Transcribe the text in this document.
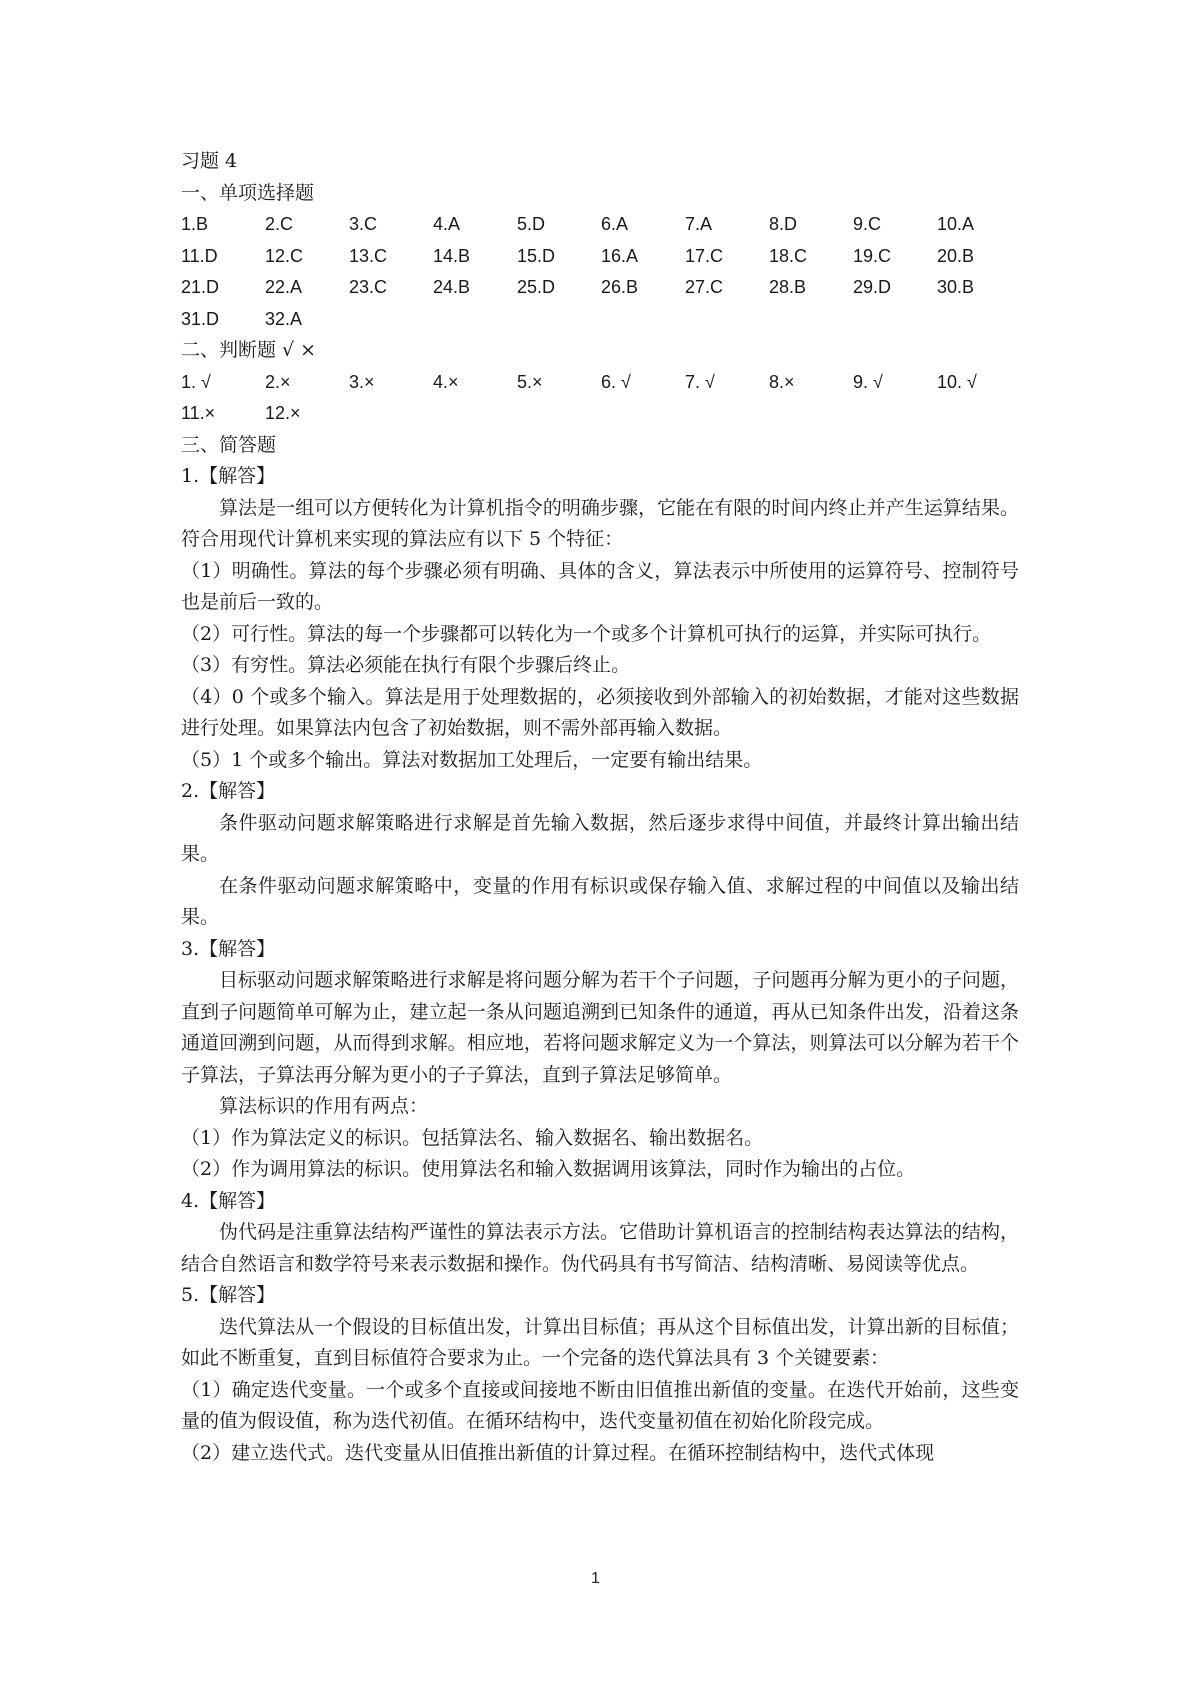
习题 4
一、单项选择题
1.B	2.C	3.C	4.A	5.D	6.A	7.A	8.D	9.C	10.A
11.D	12.C	13.C	14.B	15.D	16.A	17.C	18.C	19.C	20.B
21.D	22.A	23.C	24.B	25.D	26.B	27.C	28.B	29.D	30.B
31.D	32.A
二、判断题 √ ×
1. √	2.×	3.×	4.×	5.×	6. √	7. √	8.×	9. √	10. √
11.×	12.×
三、简答题
1.【解答】
算法是一组可以方便转化为计算机指令的明确步骤，它能在有限的时间内终止并产生运算结果。符合用现代计算机来实现的算法应有以下 5 个特征：
（1）明确性。算法的每个步骤必须有明确、具体的含义，算法表示中所使用的运算符号、控制符号也是前后一致的。
（2）可行性。算法的每一个步骤都可以转化为一个或多个计算机可执行的运算，并实际可执行。
（3）有穷性。算法必须能在执行有限个步骤后终止。
（4）0 个或多个输入。算法是用于处理数据的，必须接收到外部输入的初始数据，才能对这些数据进行处理。如果算法内包含了初始数据，则不需外部再输入数据。
（5）1 个或多个输出。算法对数据加工处理后，一定要有输出结果。
2.【解答】
条件驱动问题求解策略进行求解是首先输入数据，然后逐步求得中间值，并最终计算出输出结果。
在条件驱动问题求解策略中，变量的作用有标识或保存输入值、求解过程的中间值以及输出结果。
3.【解答】
目标驱动问题求解策略进行求解是将问题分解为若干个子问题，子问题再分解为更小的子问题，直到子问题简单可解为止，建立起一条从问题追溯到已知条件的通道，再从已知条件出发，沿着这条通道回溯到问题，从而得到求解。相应地，若将问题求解定义为一个算法，则算法可以分解为若干个子算法，子算法再分解为更小的子子算法，直到子算法足够简单。
算法标识的作用有两点：
（1）作为算法定义的标识。包括算法名、输入数据名、输出数据名。
（2）作为调用算法的标识。使用算法名和输入数据调用该算法，同时作为输出的占位。
4.【解答】
伪代码是注重算法结构严谨性的算法表示方法。它借助计算机语言的控制结构表达算法的结构，结合自然语言和数学符号来表示数据和操作。伪代码具有书写简洁、结构清晰、易阅读等优点。
5.【解答】
迭代算法从一个假设的目标值出发，计算出目标值；再从这个目标值出发，计算出新的目标值；如此不断重复，直到目标值符合要求为止。一个完备的迭代算法具有 3 个关键要素：
（1）确定迭代变量。一个或多个直接或间接地不断由旧值推出新值的变量。在迭代开始前，这些变量的值为假设值，称为迭代初值。在循环结构中，迭代变量初值在初始化阶段完成。
（2）建立迭代式。迭代变量从旧值推出新值的计算过程。在循环控制结构中，迭代式体现
1
